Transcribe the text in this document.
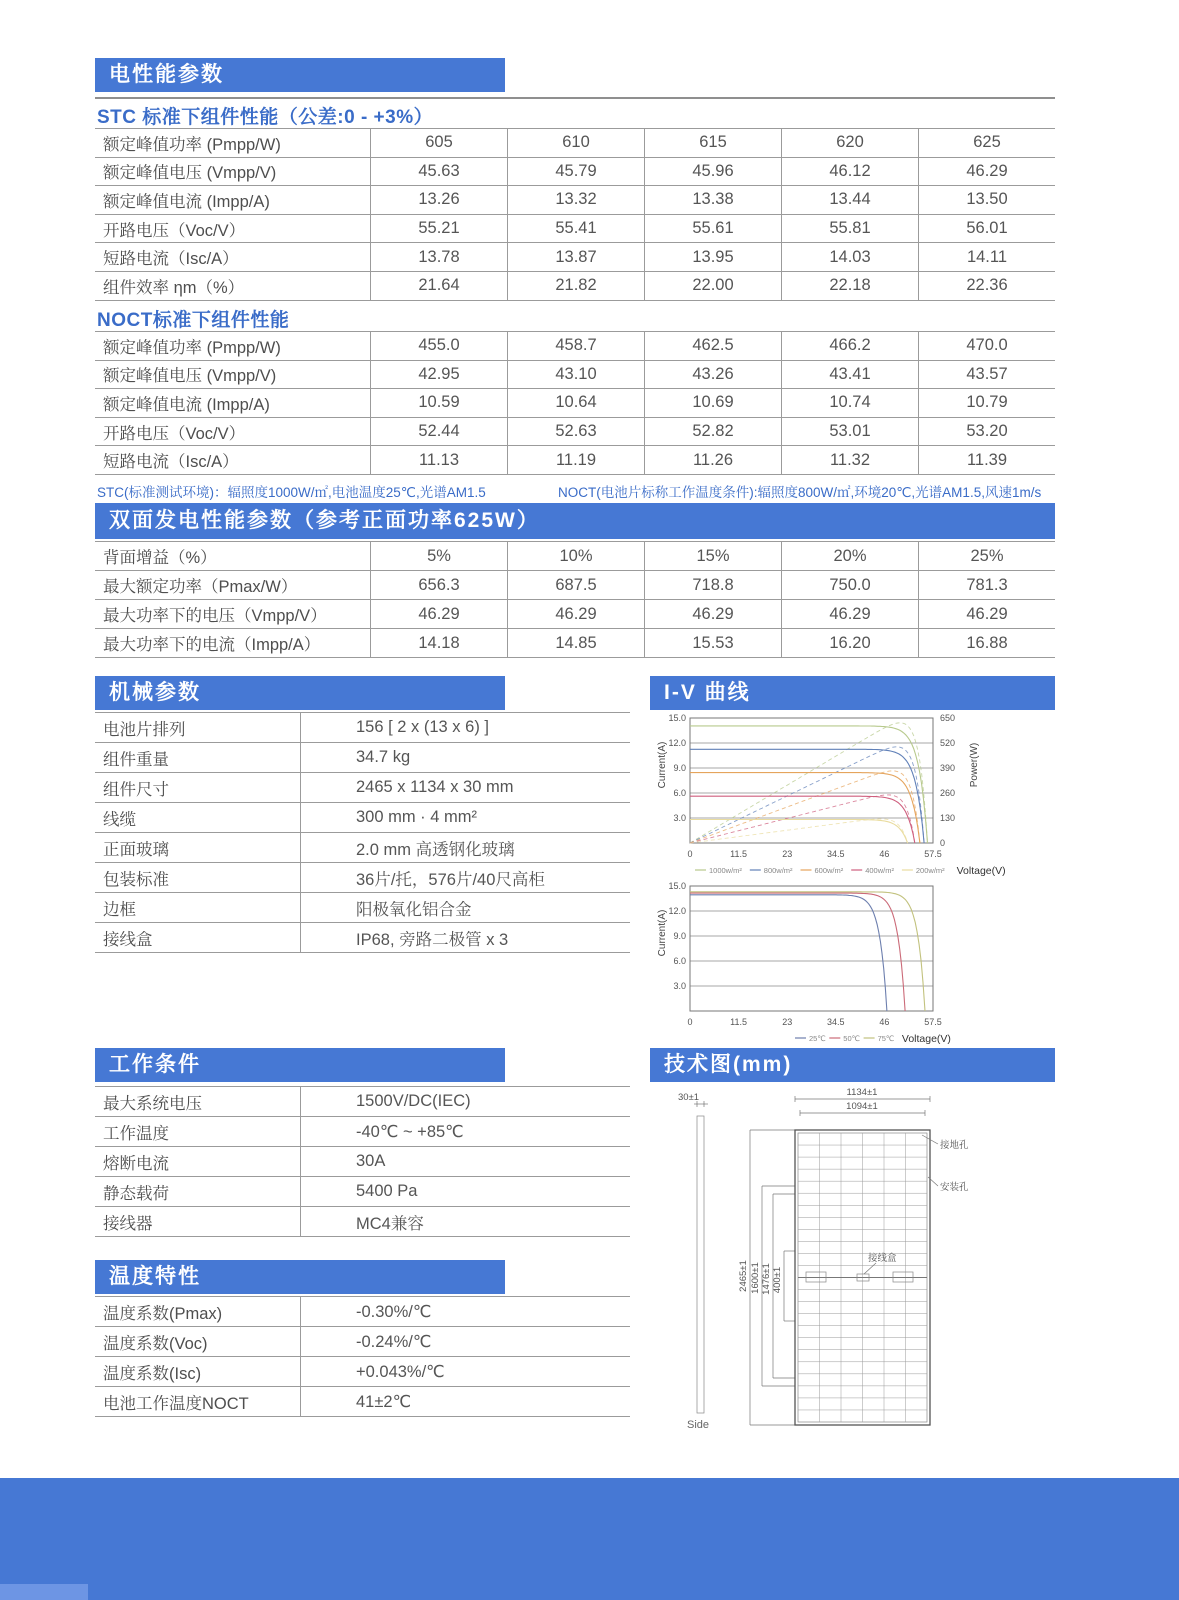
电性能参数
STC 标准下组件性能（公差:0 - +3%）
额定峰值功率 (Pmpp/W)	605	610	615	620	625
额定峰值电压 (Vmpp/V)	45.63	45.79	45.96	46.12	46.29
额定峰值电流 (Impp/A)	13.26	13.32	13.38	13.44	13.50
开路电压（Voc/V）	55.21	55.41	55.61	55.81	56.01
短路电流（Isc/A）	13.78	13.87	13.95	14.03	14.11
组件效率 ηm（%）	21.64	21.82	22.00	22.18	22.36
NOCT标准下组件性能
额定峰值功率 (Pmpp/W)	455.0	458.7	462.5	466.2	470.0
额定峰值电压 (Vmpp/V)	42.95	43.10	43.26	43.41	43.57
额定峰值电流 (Impp/A)	10.59	10.64	10.69	10.74	10.79
开路电压（Voc/V）	52.44	52.63	52.82	53.01	53.20
短路电流（Isc/A）	11.13	11.19	11.26	11.32	11.39
STC(标准测试环境)：辐照度1000W/㎡,电池温度25℃,光谱AM1.5	NOCT(电池片标称工作温度条件):辐照度800W/㎡,环境20℃,光谱AM1.5,风速1m/s
双面发电性能参数（参考正面功率625W）
背面增益（%）	5%	10%	15%	20%	25%
最大额定功率（Pmax/W）	656.3	687.5	718.8	750.0	781.3
最大功率下的电压（Vmpp/V）	46.29	46.29	46.29	46.29	46.29
最大功率下的电流（Impp/A）	14.18	14.85	15.53	16.20	16.88
机械参数
电池片排列	156 [ 2 x (13 x 6) ]
组件重量	34.7 kg
组件尺寸	2465 x 1134 x 30 mm
线缆	300 mm · 4 mm²
正面玻璃	2.0 mm 高透钢化玻璃
包装标准	36片/托，576片/40尺高柜
边框	阳极氧化铝合金
接线盒	IP68, 旁路二极管 x 3
I-V 曲线
3.0
6.0
9.0
12.0
15.0
0	11.5	23	34.5	46	57.5
0
130
260
390
520
650
Current(A)	Power(W)
1000w/m²	800w/m²	600w/m²	400w/m²	200w/m² Voltage(V)
3.0
6.0
9.0
12.0
15.0
0	11.5	23	34.5	46	57.5
Current(A)
25℃ 50℃ 75℃ Voltage(V)
工作条件
最大系统电压	1500V/DC(IEC)
工作温度	-40℃ ~ +85℃
熔断电流	30A
静态载荷	5400 Pa
接线器	MC4兼容
技术图(mm)
1134±1
1094±1
30±1
Side
2465±1 1600±1 1476±1 400±1
接线盒
接地孔
安装孔
温度特性
温度系数(Pmax)	-0.30%/℃
温度系数(Voc)	-0.24%/℃
温度系数(Isc)	+0.043%/℃
电池工作温度NOCT	41±2℃
